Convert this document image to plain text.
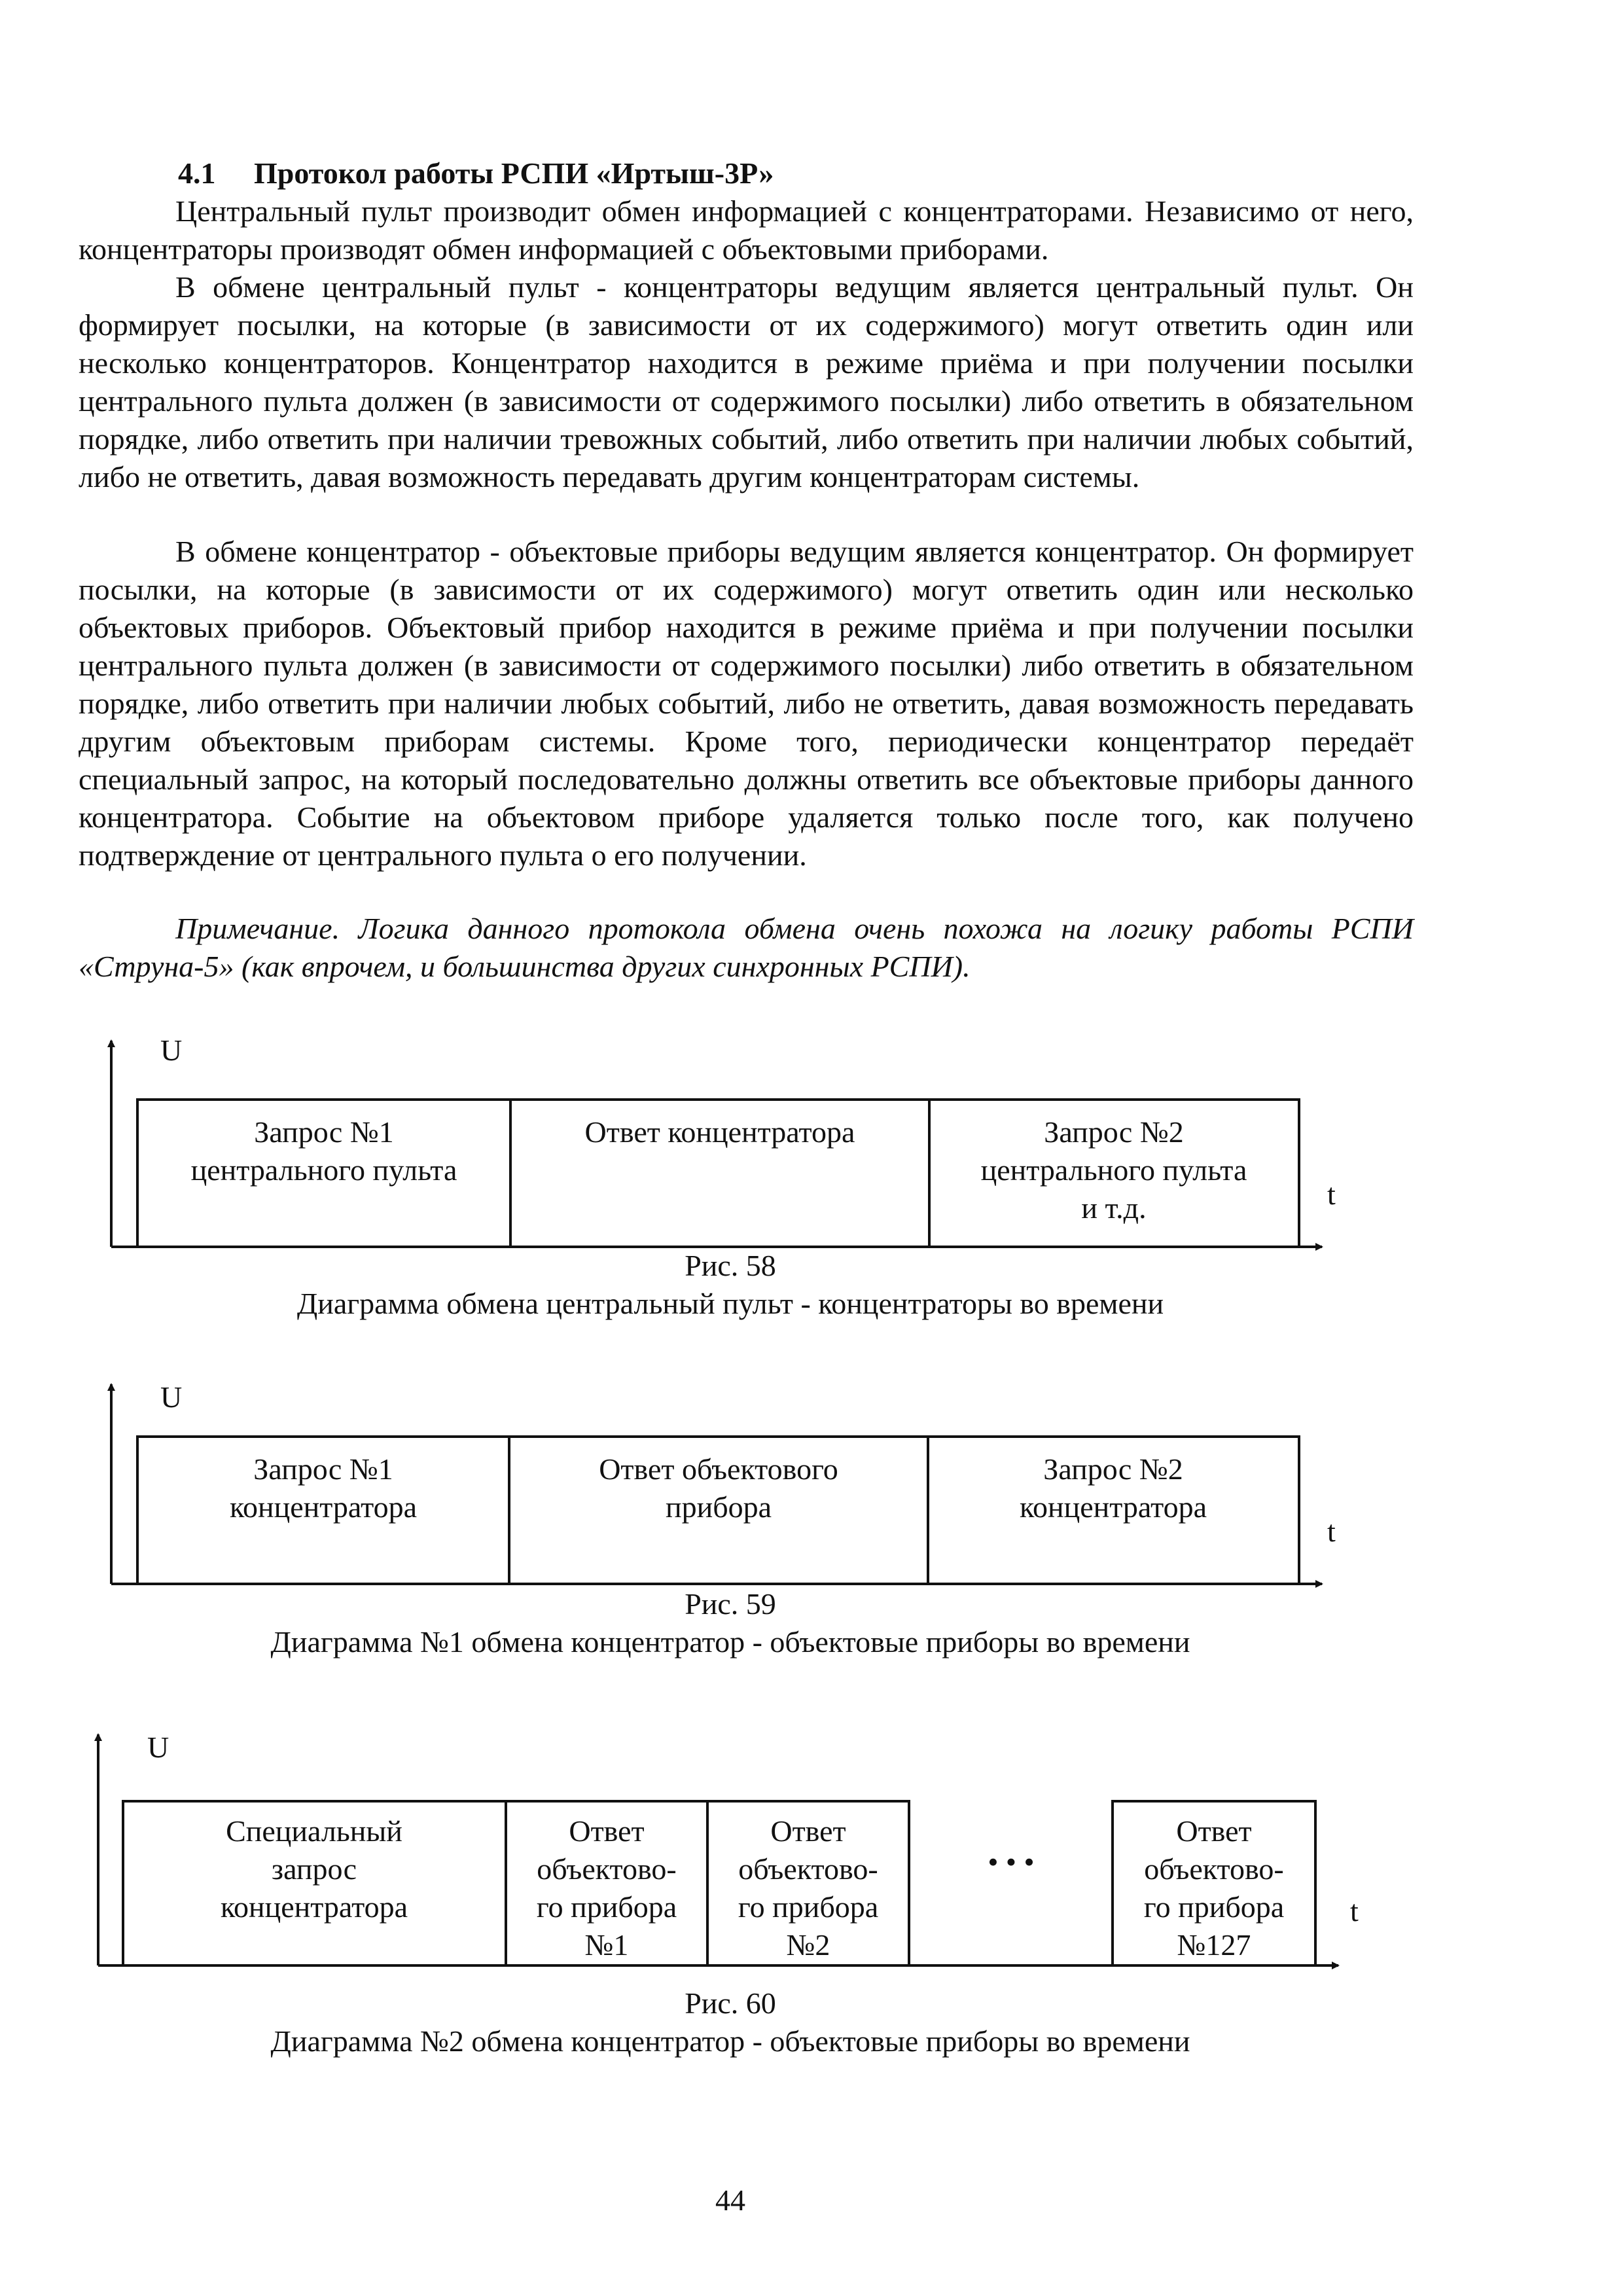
4.1 Протокол работы РСПИ «Иртыш-3Р»

Центральный пульт производит обмен информацией с концентраторами. Независимо от него, концентраторы производят обмен информацией с объектовыми приборами.

В обмене центральный пульт - концентраторы ведущим является центральный пульт. Он формирует посылки, на которые (в зависимости от их содержимого) могут ответить один или несколько концентраторов. Концентратор находится в режиме приёма и при получении посылки центрального пульта должен (в зависимости от содержимого посылки) либо ответить в обязательном порядке, либо ответить при наличии тревожных событий, либо ответить при наличии любых событий, либо не ответить, давая возможность передавать другим концентраторам системы.

В обмене концентратор - объектовые приборы ведущим является концентратор. Он формирует посылки, на которые (в зависимости от их содержимого) могут ответить один или несколько объектовых приборов. Объектовый прибор находится в режиме приёма и при получении посылки центрального пульта должен (в зависимости от содержимого посылки) либо ответить в обязательном порядке, либо ответить при наличии любых событий, либо не ответить, давая возможность передавать другим объектовым приборам системы. Кроме того, периодически концентратор передаёт специальный запрос, на который последовательно должны ответить все объектовые приборы данного концентратора. Событие на объектовом приборе удаляется только после того, как получено подтверждение от центрального пульта о его получении.

Примечание. Логика данного протокола обмена очень похожа на логику работы РСПИ «Струна-5» (как впрочем, и большинства других синхронных РСПИ).

U
t
Запрос №1
центрального пульта
Ответ концентратора	Запрос №2
центрального пульта
и т.д.
U
t
Запрос №1
концентратора
Ответ объектового
прибора
Запрос №2
концентратора
U
t
Специальный
запрос
концентратора
Ответ
объектово-
го прибора
№1
Ответ
объектово-
го прибора
№2
• • •
Ответ
объектово-
го прибора
№127
Рис. 58
Диаграмма обмена центральный пульт - концентраторы во времени
Рис. 59
Диаграмма №1 обмена концентратор - объектовые приборы во времени
Рис. 60
Диаграмма №2 обмена концентратор - объектовые приборы во времени
44
